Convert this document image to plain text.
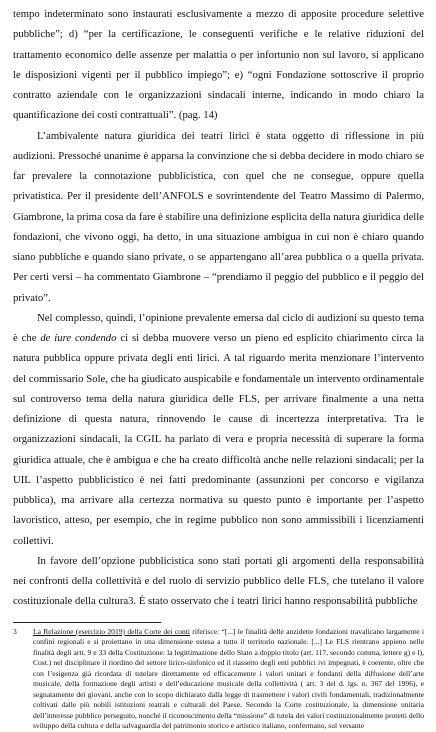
tempo indeterminato sono instaurati esclusivamente a mezzo di apposite procedure selettive pubbliche”; d) “per la certificazione, le conseguenti verifiche e le relative riduzioni del trattamento economico delle assenze per malattia o per infortunio non sul lavoro, si applicano le disposizioni vigenti per il pubblico impiego”; e) “ogni Fondazione sottoscrive il proprio contratto aziendale con le organizzazioni sindacali interne, indicando in modo chiaro la quantificazione dei costi contrattuali”. (pag. 14)

L’ambivalente natura giuridica dei teatri lirici è stata oggetto di riflessione in più audizioni. Pressoché unanime è apparsa la convinzione che si debba decidere in modo chiaro se far prevalere la connotazione pubblicistica, con quel che ne consegue, oppure quella privatistica. Per il presidente dell’ANFOLS e sovrintendente del Teatro Massimo di Palermo, Giambrone, la prima cosa da fare è stabilire una definizione esplicita della natura giuridica delle fondazioni, che vivono oggi, ha detto, in una situazione ambigua in cui non è chiaro quando siano pubbliche e quando siano private, o se appartengano all’area pubblica o a quella privata. Per certi versi – ha commentato Giambrone – “prendiamo il peggio del pubblico e il peggio del privato”.

Nel complesso, quindi, l’opinione prevalente emersa dal ciclo di audizioni su questo tema è che de iure condendo ci si debba muovere verso un pieno ed esplicito chiarimento circa la natura pubblica oppure privata degli enti lirici. A tal riguardo merita menzionare l’intervento del commissario Sole, che ha giudicato auspicabile e fondamentale un intervento ordinamentale sul controverso tema della natura giuridica delle FLS, per arrivare finalmente a una netta definizione di questa natura, rinnovendo le cause di incertezza interpretativa. Tra le organizzazioni sindacali, la CGIL ha parlato di vera e propria necessità di superare la forma giuridica attuale, che è ambigua e che ha creato difficoltà anche nelle relazioni sindacali; per la UIL l’aspetto pubblicistico è nei fatti predominante (assunzioni per concorso e vigilanza pubblica), ma arrivare alla certezza normativa su questo punto è importante per l’aspetto lavoristico, atteso, per esempio, che in regime pubblico non sono ammissibili i licenziamenti collettivi.

In favore dell’opzione pubblicistica sono stati portati gli argomenti della responsabilità nei confronti della collettività e del ruolo di servizio pubblico delle FLS, che tutelano il valore costituzionale della cultura3. È stato osservato che i teatri lirici hanno responsabilità pubbliche

3 La Relazione (esercizio 2019) della Corte dei conti riferisce: “[...] le finalità delle anzidette fondazioni travalicano largamente i confini regionali e si proiettano in una dimensione estesa a tutto il territorio nazionale. [...] Le FLS rientrano appieno nelle finalità degli artt. 9 e 33 della Costituzione: la legittimazione dello Stato a doppio titolo (art. 117, secondo comma, lettere g) e l), Cost.) nel disciplinare il riordino del settore lirico-sinfonico ed il riassetto degli enti pubblici ivi impegnati, è coerente, oltre che con l’esigenza già ricordata di tutelare direttamente ed efficacemente i valori unitari e fondanti della diffusione dell’arte musicale, della formazione degli artisti e dell’educazione musicale della collettività ( art. 3 del d. lgs. n. 367 del 1996), e segnatamente dei giovani, anche con lo scopo dichiarato dalla legge di trasmettere i valori civili fondamentali, tradizionalmente coltivati dalle più nobili istituzioni teatrali e culturali del Paese. Secondo la Corte costituzionale, la dimensione unitaria dell’interesse pubblico perseguito, nonché il riconoscimento della “missione” di tutela dei valori costituzionalmente protetti dello sviluppo della cultura e della salvaguardia del patrimonio storico e artistico italiano, confermano, sul versante
